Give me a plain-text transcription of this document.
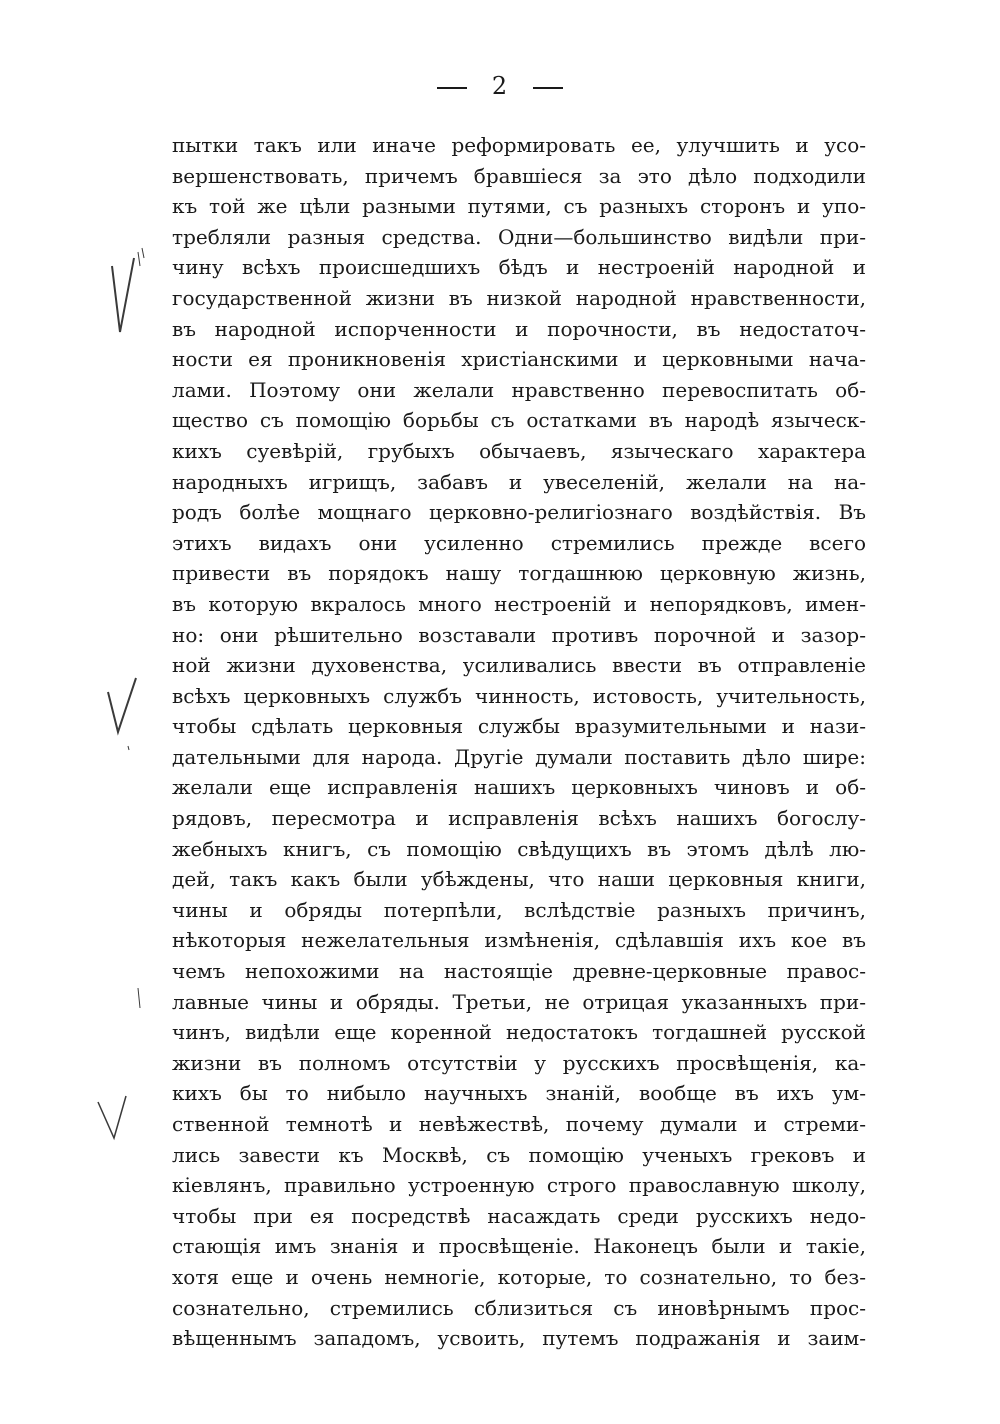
2
пытки такъ или иначе реформировать ее, улучшить и усо-
вершенствовать, причемъ бравшiеся за это дѣло подходили
къ той же цѣли разными путями, съ разныхъ сторонъ и упо-
требляли разныя средства. Одни—большинство видѣли при-
чину всѣхъ происшедшихъ бѣдъ и нестроенiй народной и
государственной жизни въ низкой народной нравственности,
въ народной испорченности и порочности, въ недостаточ-
ности ея проникновенiя христiанскими и церковными нача-
лами. Поэтому они желали нравственно перевоспитать об-
щество съ помощiю борьбы съ остатками въ народѣ языческ-
кихъ суевѣрiй, грубыхъ обычаевъ, языческаго характера
народныхъ игрищъ, забавъ и увеселенiй, желали на на-
родъ болѣе мощнаго церковно-религiознаго воздѣйствiя. Въ
этихъ видахъ они усиленно стремились прежде всего
привести въ порядокъ нашу тогдашнюю церковную жизнь,
въ которую вкралось много нестроенiй и непорядковъ, имен-
но: они рѣшительно возставали противъ порочной и зазор-
ной жизни духовенства, усиливались ввести въ отправленiе
всѣхъ церковныхъ службъ чинность, истовость, учительность,
чтобы сдѣлать церковныя службы вразумительными и нази-
дательными для народа. Другiе думали поставить дѣло шире:
желали еще исправленiя нашихъ церковныхъ чиновъ и об-
рядовъ, пересмотра и исправленiя всѣхъ нашихъ богослу-
жебныхъ книгъ, съ помощiю свѣдущихъ въ этомъ дѣлѣ лю-
дей, такъ какъ были убѣждены, что наши церковныя книги,
чины и обряды потерпѣли, вслѣдствiе разныхъ причинъ,
нѣкоторыя нежелательныя измѣненiя, сдѣлавшiя ихъ кое въ
чемъ непохожими на настоящiе древне-церковные правос-
лавные чины и обряды. Третьи, не отрицая указанныхъ при-
чинъ, видѣли еще коренной недостатокъ тогдашней русской
жизни въ полномъ отсутствiи у русскихъ просвѣщенiя, ка-
кихъ бы то нибыло научныхъ знанiй, вообще въ ихъ ум-
ственной темнотѣ и невѣжествѣ, почему думали и стреми-
лись завести къ Москвѣ, съ помощiю ученыхъ грековъ и
кiевлянъ, правильно устроенную строго православную школу,
чтобы при ея посредствѣ насаждать среди русскихъ недо-
стающiя имъ знанiя и просвѣщенiе. Наконецъ были и такiе,
хотя еще и очень немногiе, которые, то сознательно, то без-
сознательно, стремились сблизиться съ иновѣрнымъ прос-
вѣщеннымъ западомъ, усвоить, путемъ подражанiя и заим-
